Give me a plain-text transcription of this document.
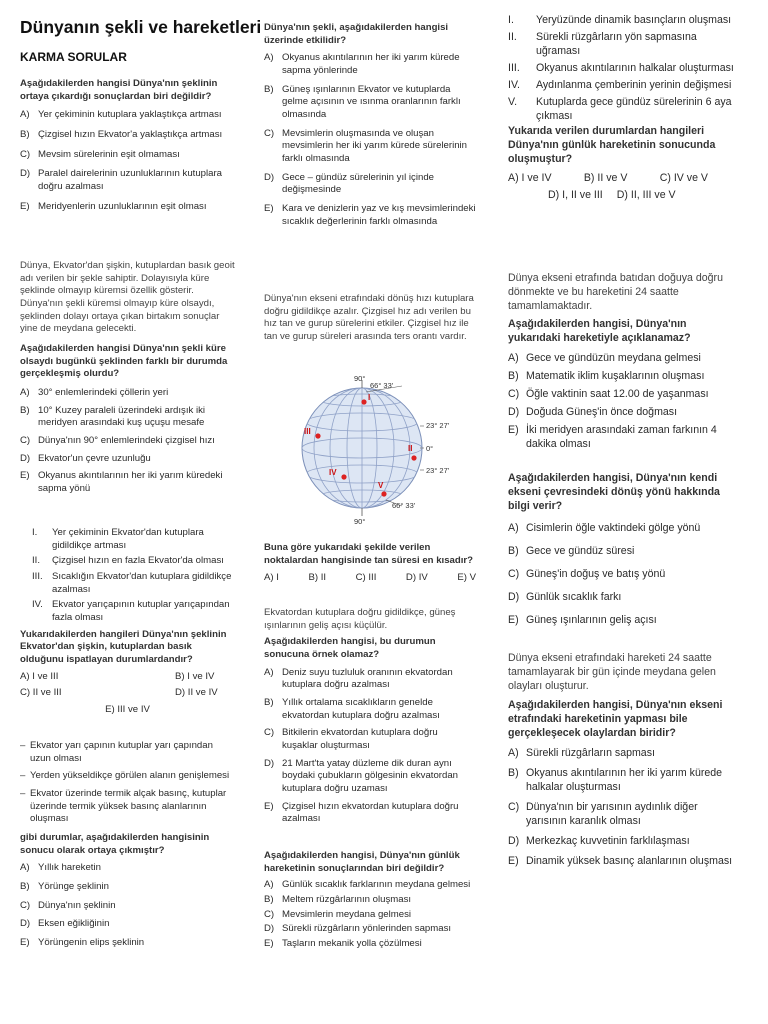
Dünyanın şekli ve hareketleri
KARMA SORULAR
Aşağıdakilerden hangisi Dünya'nın şeklinin ortaya çıkardığı sonuçlardan biri değildir?
A) Yer çekiminin kutuplara yaklaştıkça artması
B) Çizgisel hızın Ekvator'a yaklaştıkça artması
C) Mevsim sürelerinin eşit olmaması
D) Paralel dairelerinin uzunluklarının kutuplara doğru azalması
E) Meridyenlerin uzunluklarının eşit olması
Dünya, Ekvator'dan şişkin, kutuplardan basık geoit adı verilen bir şekle sahiptir. Dolayısıyla küre şeklinde olmayıp küremsi özellik gösterir. Dünya'nın şekli küremsi olmayıp küre olsaydı, şeklinden dolayı ortaya çıkan birtakım sonuçlar yine de meydana gelecekti.
Aşağıdakilerden hangisi Dünya'nın şekli küre olsaydı bugünkü şeklinden farklı bir durumda gerçekleşmiş olurdu?
A) 30° enlemlerindeki çöllerin yeri
B) 10° Kuzey paraleli üzerindeki ardışık iki meridyen arasındaki kuş uçuşu mesafe
C) Dünya'nın 90° enlemlerindeki çizgisel hızı
D) Ekvator'un çevre uzunluğu
E) Okyanus akıntılarının her iki yarım küredeki sapma yönü
I.	Yer çekiminin Ekvator'dan kutuplara gidildikçe artması
II.	Çizgisel hızın en fazla Ekvator'da olması
III. Sıcaklığın Ekvator'dan kutuplara gidildikçe azalması
IV. Ekvator yarıçapının kutuplar yarıçapından fazla olması
Yukarıdakilerden hangileri Dünya'nın şeklinin Ekvator'dan şişkin, kutuplardan basık olduğunu ispatlayan durumlardandır?
A) I ve III	B) I ve IV
C) II ve III	D) II ve IV
E) III ve IV
– Ekvator yarı çapının kutuplar yarı çapından uzun olması
– Yerden yükseldikçe görülen alanın genişlemesi
– Ekvator üzerinde termik alçak basınç, kutuplar üzerinde termik yüksek basınç alanlarının oluşması
gibi durumlar, aşağıdakilerden hangisinin sonucu olarak ortaya çıkmıştır?
A) Yıllık hareketin
B) Yörünge şeklinin
C) Dünya'nın şeklinin
D) Eksen eğikliğinin
E) Yörüngenin elips şeklinin
Dünya'nın şekli, aşağıdakilerden hangisi üzerinde etkilidir?
A) Okyanus akıntılarının her iki yarım küredе sapma yönlerinde
B) Güneş ışınlarının Ekvator ve kutuplarda gelme açısının ve ısınma oranlarının farklı olmasında
C) Mevsimlerin oluşmasında ve oluşan mevsimlerin her iki yarım kürede sürelerinin farklı olmasında
D) Gece – gündüz sürelerinin yıl içinde değişmesinde
E) Kara ve denizlerin yaz ve kış mevsimlerindeki sıcaklık değerlerinin farklı olmasında
Dünya'nın ekseni etrafındaki dönüş hızı kutuplara doğru gidildikçe azalır. Çizgisel hız adı verilen bu hız tan ve gurup sürelerini etkiler. Çizgisel hız ile tan ve gurup süreleri arasında ters orantı vardır.
90°
90°
66° 33'
23° 27'
0°
23° 27'
66° 33'
I
II
III
IV
V
Buna göre yukarıdaki şekilde verilen noktalardan hangisinde tan süresi en kısadır?
A) I	B) II	C) III	D) IV	E) V
Ekvatordan kutuplara doğru gidildikçe, güneş ışınlarının geliş açısı küçülür.
Aşağıdakilerden hangisi, bu durumun sonucuna örnek olamaz?
A) Deniz suyu tuzluluk oranının ekvatordan kutuplara doğru azalması
B) Yıllık ortalama sıcaklıkların genelde ekvatordan kutuplara doğru azalması
C) Bitkilerin ekvatordan kutuplara doğru kuşaklar oluşturması
D) 21 Mart'ta yatay düzleme dik duran aynı boydaki çubukların gölgesinin ekvatordan kutuplara doğru uzaması
E) Çizgisel hızın ekvatordan kutuplara doğru azalması
Aşağıdakilerden hangisi, Dünya'nın günlük hareketinin sonuçlarından biri değildir?
A) Günlük sıcaklık farklarının meydana gelmesi
B) Meltem rüzgârlarının oluşması
C) Mevsimlerin meydana gelmesi
D) Sürekli rüzgârların yönlerinden sapması
E) Taşların mekanik yolla çözülmesi
I.	Yeryüzünde dinamik basınçların oluşması
II.	Sürekli rüzgârların yön sapmasına uğraması
III.	Okyanus akıntılarının halkalar oluşturması
IV.	Aydınlanma çemberinin yerinin değişmesi
V.	Kutuplarda gece gündüz sürelerinin 6 aya çıkması
Yukarıda verilen durumlardan hangileri Dünya'nın günlük hareketinin sonucunda oluşmuştur?
A) I ve IV	B) II ve V	C) IV ve V
D) I, II ve III D) II, III ve V
Dünya ekseni etrafında batıdan doğuya doğru dönmekte ve bu hareketini 24 saatte tamamlamaktadır.
Aşağıdakilerden hangisi, Dünya'nın yukarıdaki hareketiyle açıklanamaz?
A) Gece ve gündüzün meydana gelmesi
B) Matematik iklim kuşaklarının oluşması
C) Öğle vaktinin saat 12.00 de yaşanması
D) Doğuda Güneş'in önce doğması
E) İki meridyen arasındaki zaman farkının 4 dakika olması
Aşağıdakilerden hangisi, Dünya'nın kendi ekseni çevresindeki dönüş yönü hakkında bilgi verir?
A) Cisimlerin öğle vaktindeki gölge yönü
B) Gece ve gündüz süresi
C) Güneş'in doğuş ve batış yönü
D) Günlük sıcaklık farkı
E) Güneş ışınlarının geliş açısı
Dünya ekseni etrafındaki hareketi 24 saatte tamamlayarak bir gün içinde meydana gelen olayları oluşturur.
Aşağıdakilerden hangisi, Dünya'nın ekseni etrafındaki hareketinin yapması bile gerçekleşecek olaylardan biridir?
A) Sürekli rüzgârların sapması
B) Okyanus akıntılarının her iki yarım kürede halkalar oluşturması
C) Dünya'nın bir yarısının aydınlık diğer yarısının karanlık olması
D) Merkezkaç kuvvetinin farklılaşması
E) Dinamik yüksek basınç alanlarının oluşması
